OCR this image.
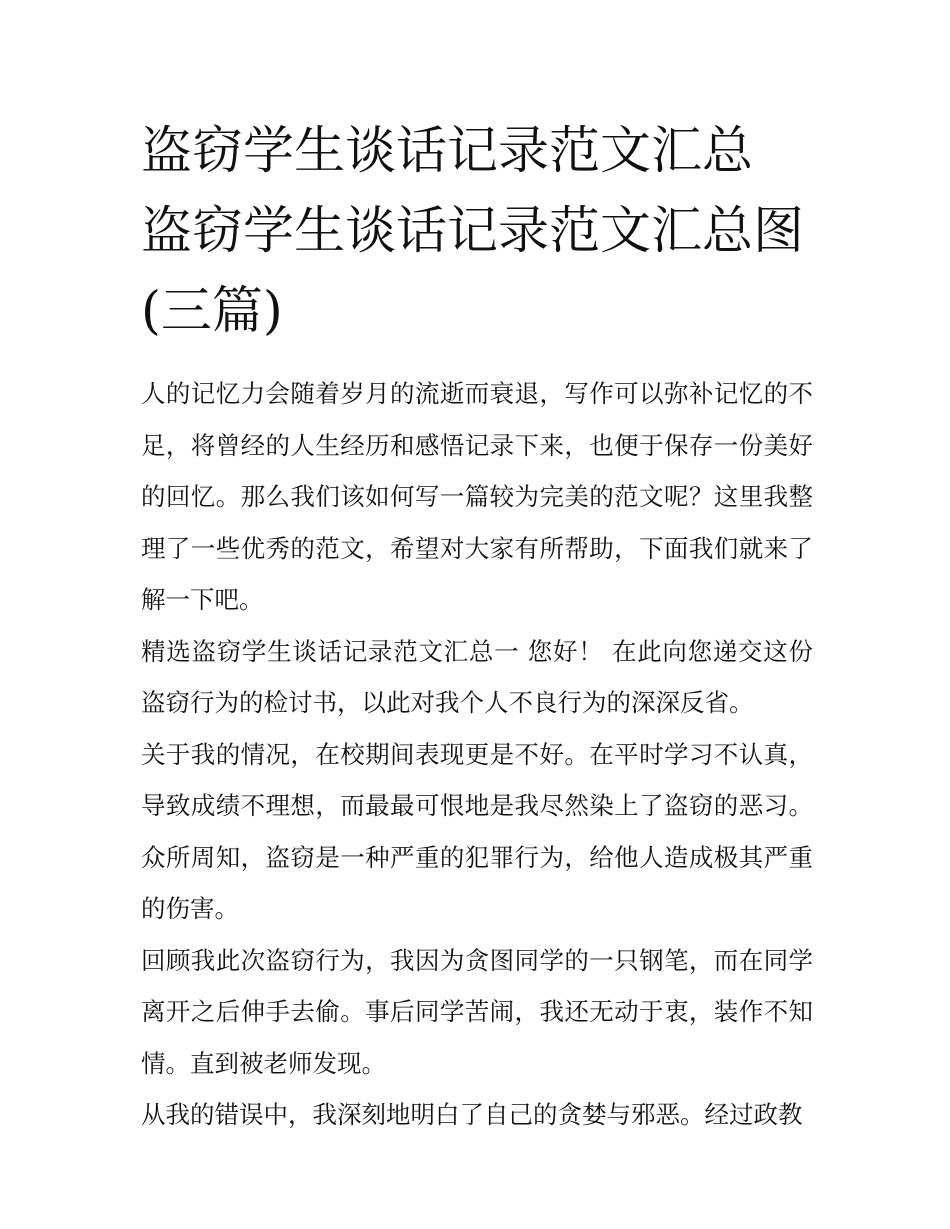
盗窃学生谈话记录范文汇总 盗窃学生谈话记录范文汇总图(三篇)

人的记忆力会随着岁月的流逝而衰退，写作可以弥补记忆的不足，将曾经的人生经历和感悟记录下来，也便于保存一份美好的回忆。那么我们该如何写一篇较为完美的范文呢？这里我整理了一些优秀的范文，希望对大家有所帮助，下面我们就来了解一下吧。

精选盗窃学生谈话记录范文汇总一 您好！ 在此向您递交这份盗窃行为的检讨书，以此对我个人不良行为的深深反省。

关于我的情况，在校期间表现更是不好。在平时学习不认真，导致成绩不理想，而最最可恨地是我尽然染上了盗窃的恶习。众所周知，盗窃是一种严重的犯罪行为，给他人造成极其严重的伤害。

回顾我此次盗窃行为，我因为贪图同学的一只钢笔，而在同学离开之后伸手去偷。事后同学苦闹，我还无动于衷，装作不知情。直到被老师发现。

从我的错误中，我深刻地明白了自己的贪婪与邪恶。经过政教
